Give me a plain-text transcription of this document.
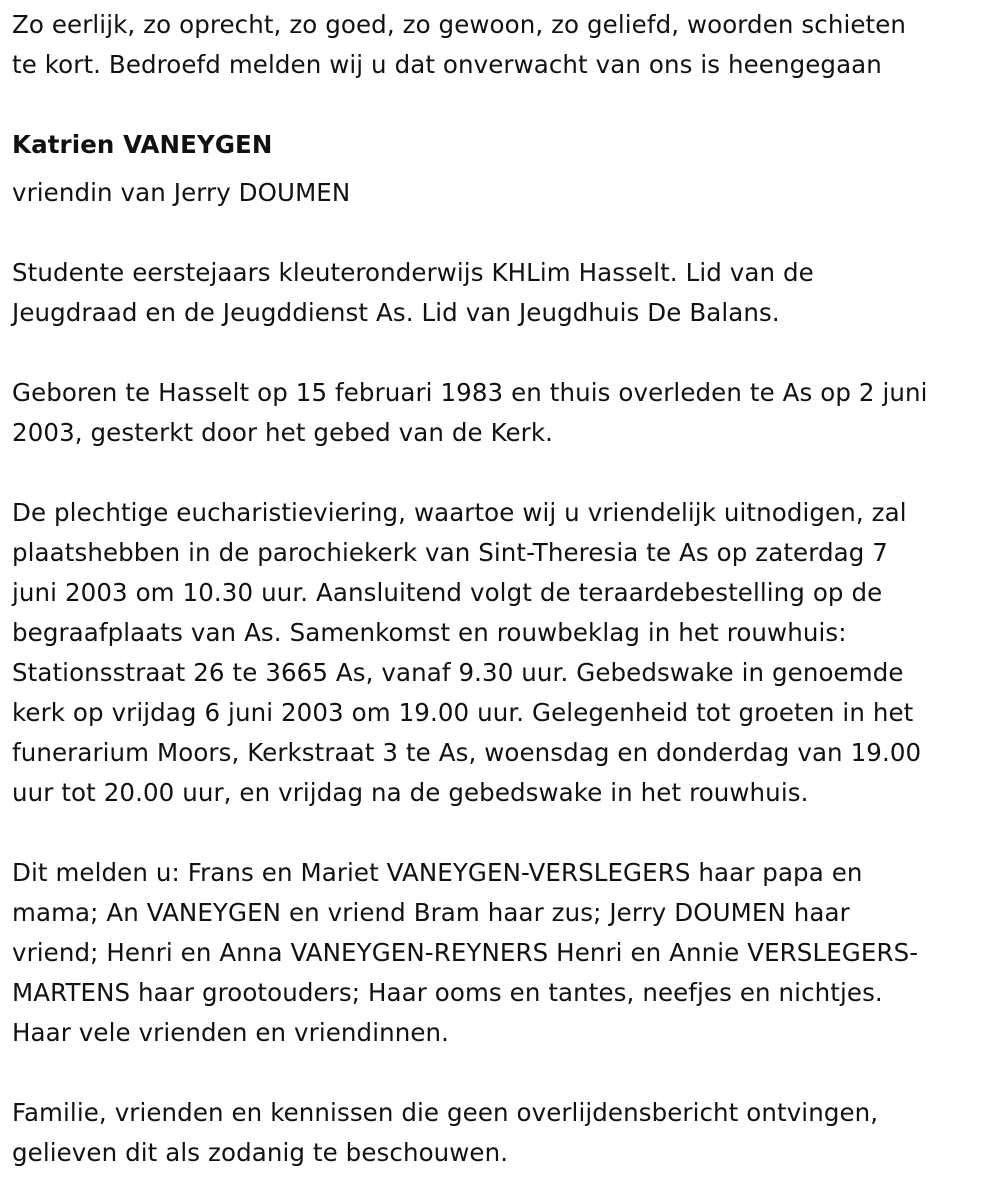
Zo eerlijk, zo oprecht, zo goed, zo gewoon, zo geliefd, woorden schieten
te kort. Bedroefd melden wij u dat onverwacht van ons is heengegaan
Katrien VANEYGEN
vriendin van Jerry DOUMEN
Studente eerstejaars kleuteronderwijs KHLim Hasselt. Lid van de
Jeugdraad en de Jeugddienst As. Lid van Jeugdhuis De Balans.
Geboren te Hasselt op 15 februari 1983 en thuis overleden te As op 2 juni
2003, gesterkt door het gebed van de Kerk.
De plechtige eucharistieviering, waartoe wij u vriendelijk uitnodigen, zal
plaatshebben in de parochiekerk van Sint-Theresia te As op zaterdag 7
juni 2003 om 10.30 uur. Aansluitend volgt de teraardebestelling op de
begraafplaats van As. Samenkomst en rouwbeklag in het rouwhuis:
Stationsstraat 26 te 3665 As, vanaf 9.30 uur. Gebedswake in genoemde
kerk op vrijdag 6 juni 2003 om 19.00 uur. Gelegenheid tot groeten in het
funerarium Moors, Kerkstraat 3 te As, woensdag en donderdag van 19.00
uur tot 20.00 uur, en vrijdag na de gebedswake in het rouwhuis.
Dit melden u: Frans en Mariet VANEYGEN-VERSLEGERS haar papa en
mama; An VANEYGEN en vriend Bram haar zus; Jerry DOUMEN haar
vriend; Henri en Anna VANEYGEN-REYNERS Henri en Annie VERSLEGERS-
MARTENS haar grootouders; Haar ooms en tantes, neefjes en nichtjes.
Haar vele vrienden en vriendinnen.
Familie, vrienden en kennissen die geen overlijdensbericht ontvingen,
gelieven dit als zodanig te beschouwen.
